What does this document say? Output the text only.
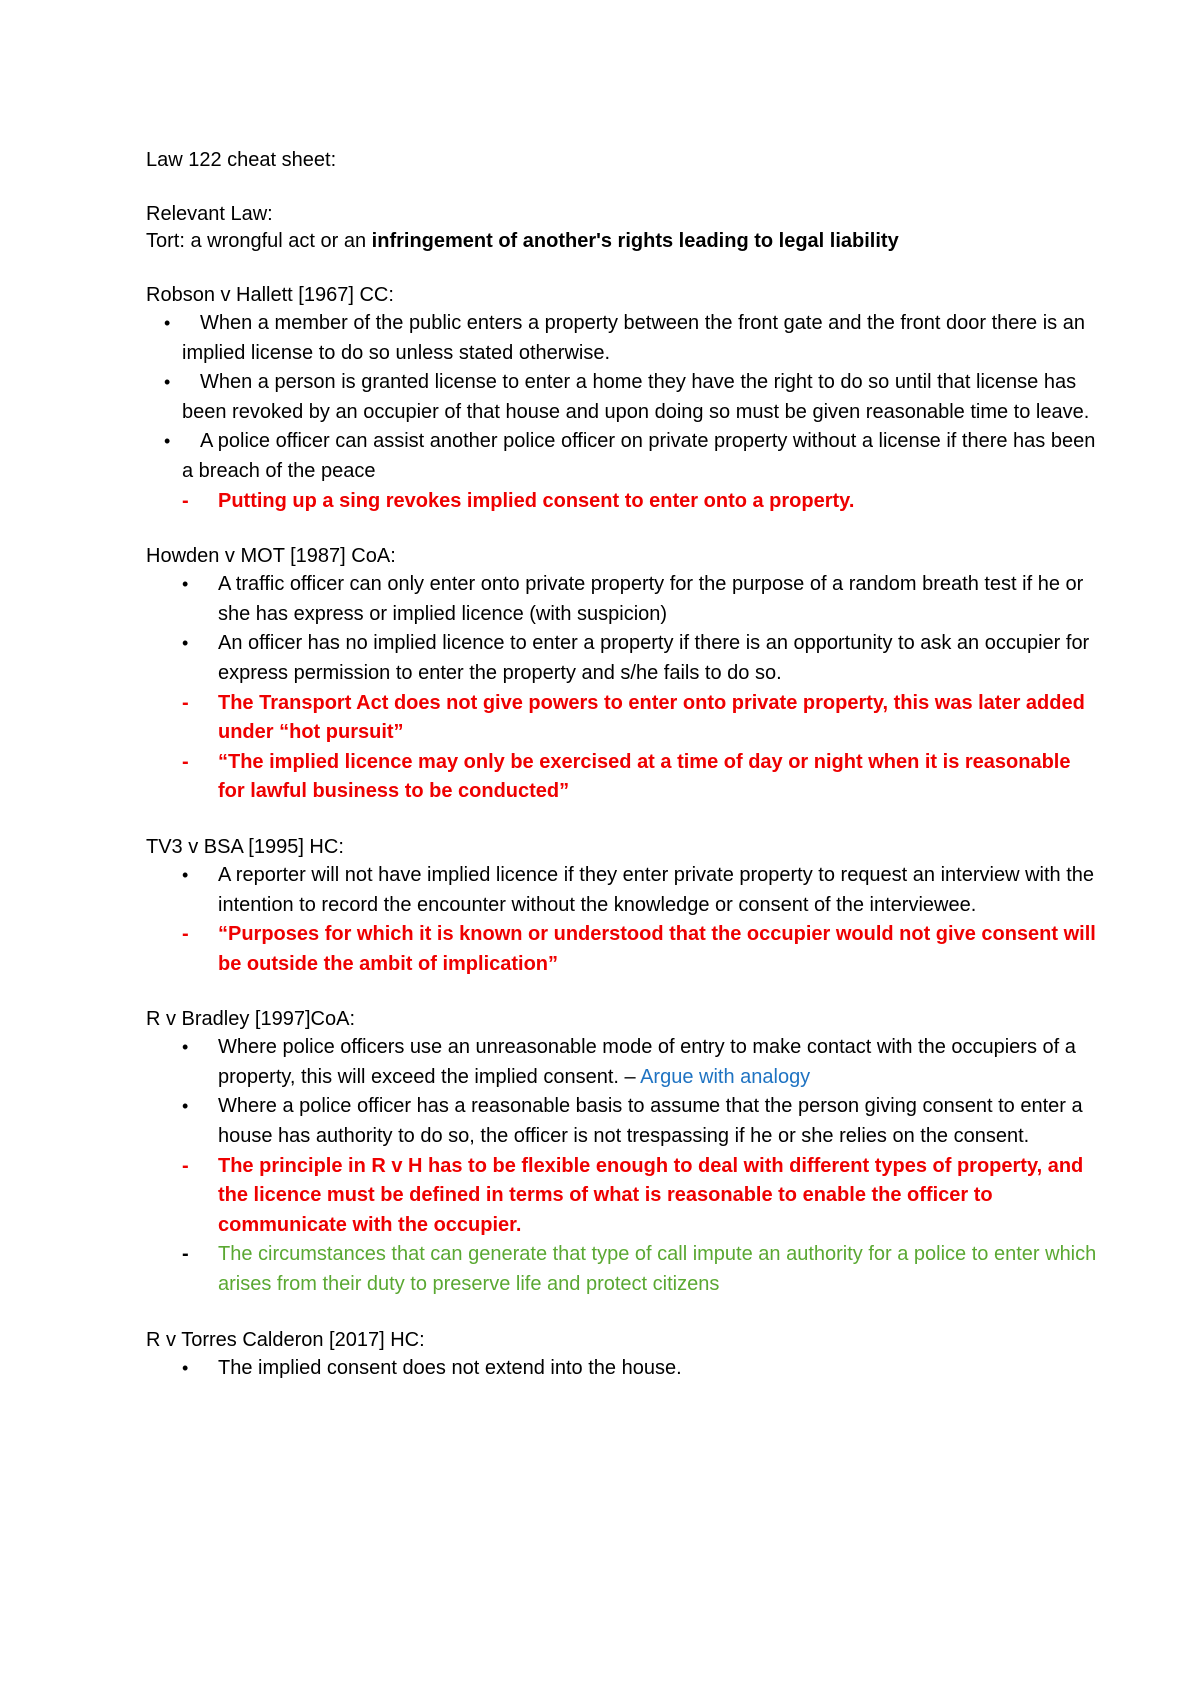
Law 122 cheat sheet:

Relevant Law:

Tort: a wrongful act or an infringement of another's rights leading to legal liability

Robson v Hallett [1967] CC:

•	When a member of the public enters a property between the front gate and the front door there is an implied license to do so unless stated otherwise.
•	When a person is granted license to enter a home they have the right to do so until that license has been revoked by an occupier of that house and upon doing so must be given reasonable time to leave.
•	A police officer can assist another police officer on private property without a license if there has been a breach of the peace
- Putting up a sing revokes implied consent to enter onto a property.

Howden v MOT [1987] CoA:

• A traffic officer can only enter onto private property for the purpose of a random breath test if he or she has express or implied licence (with suspicion)
• An officer has no implied licence to enter a property if there is an opportunity to ask an occupier for express permission to enter the property and s/he fails to do so.
- The Transport Act does not give powers to enter onto private property, this was later added under “hot pursuit”
- “The implied licence may only be exercised at a time of day or night when it is reasonable for lawful business to be conducted”

TV3 v BSA [1995] HC:

• A reporter will not have implied licence if they enter private property to request an interview with the intention to record the encounter without the knowledge or consent of the interviewee.
- “Purposes for which it is known or understood that the occupier would not give consent will be outside the ambit of implication”

R v Bradley [1997]CoA:

• Where police officers use an unreasonable mode of entry to make contact with the occupiers of a property, this will exceed the implied consent. – Argue with analogy
• Where a police officer has a reasonable basis to assume that the person giving consent to enter a house has authority to do so, the officer is not trespassing if he or she relies on the consent.
- The principle in R v H has to be flexible enough to deal with different types of property, and the licence must be defined in terms of what is reasonable to enable the officer to communicate with the occupier.
- The circumstances that can generate that type of call impute an authority for a police to enter which arises from their duty to preserve life and protect citizens

R v Torres Calderon [2017] HC:

• The implied consent does not extend into the house.
